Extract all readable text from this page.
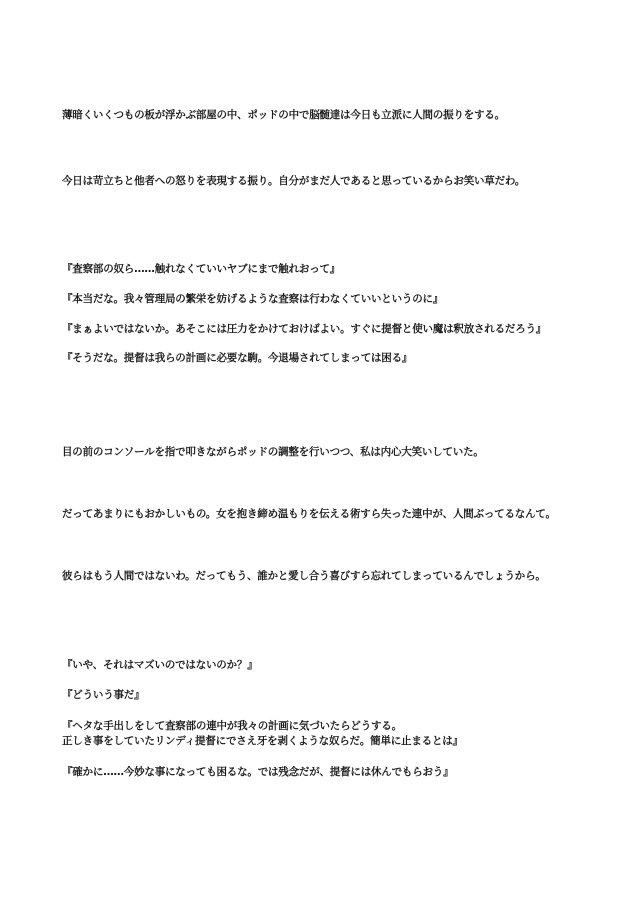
薄暗くいくつもの板が浮かぶ部屋の中、ポッドの中で脳髄達は今日も立派に人間の振りをする。

今日は苛立ちと他者への怒りを表現する振り。自分がまだ人であると思っているからお笑い草だわ。

『査察部の奴ら……触れなくていいヤブにまで触れおって』

『本当だな。我々管理局の繁栄を妨げるような査察は行わなくていいというのに』

『まぁよいではないか。あそこには圧力をかけておけばよい。すぐに提督と使い魔は釈放されるだろう』

『そうだな。提督は我らの計画に必要な駒。今退場されてしまっては困る』

目の前のコンソールを指で叩きながらポッドの調整を行いつつ、私は内心大笑いしていた。

だってあまりにもおかしいもの。女を抱き締め温もりを伝える術すら失った連中が、人間ぶってるなんて。

彼らはもう人間ではないわ。だってもう、誰かと愛し合う喜びすら忘れてしまっているんでしょうから。

『いや、それはマズいのではないのか？』

『どういう事だ』

『ヘタな手出しをして査察部の連中が我々の計画に気づいたらどうする。

正しき事をしていたリンディ提督にでさえ牙を剥くような奴らだ。簡単に止まるとは』

『確かに……今妙な事になっても困るな。では残念だが、提督には休んでもらおう』
